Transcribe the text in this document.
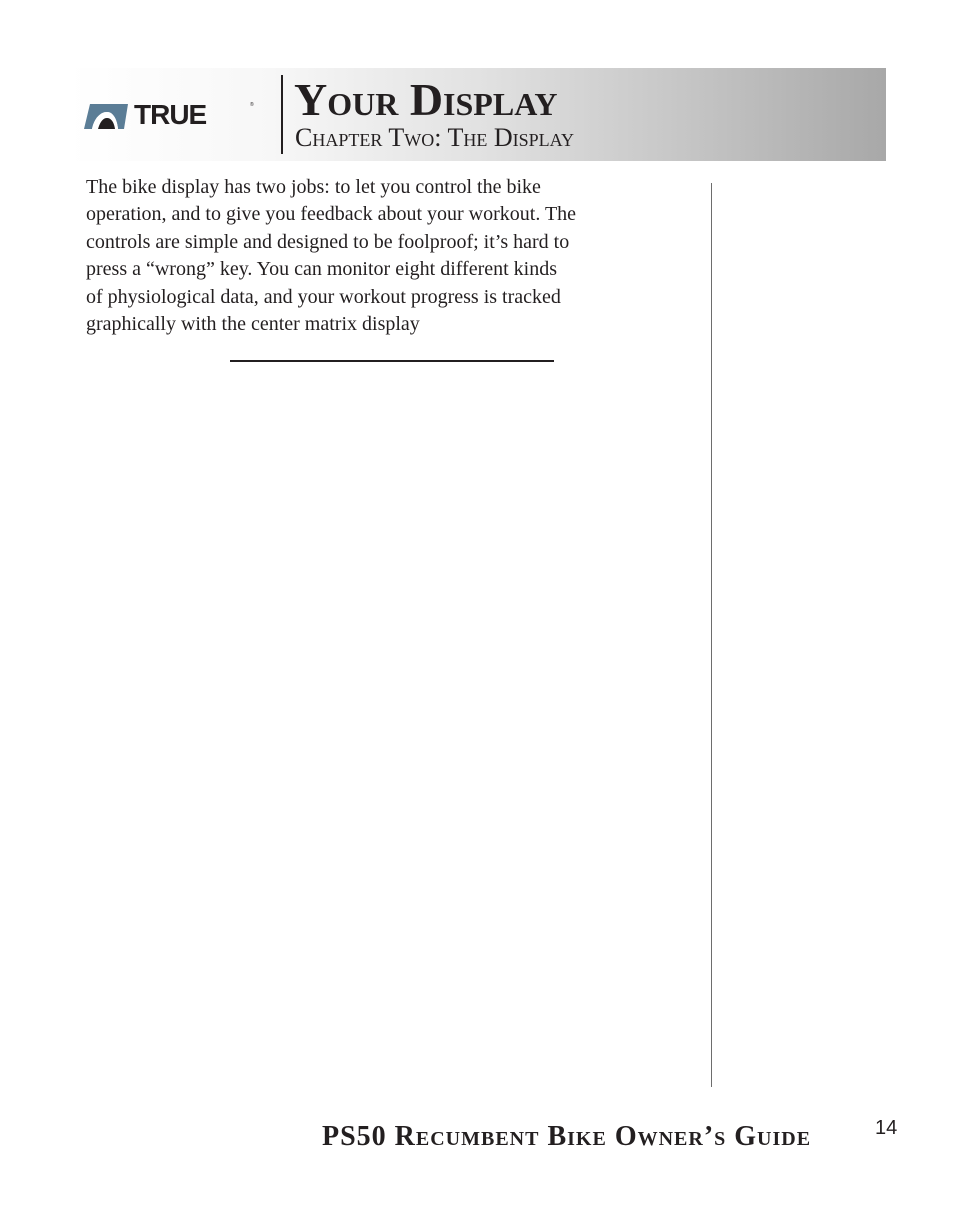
TRUE	® Your Display
Chapter Two: The Display

The bike display has two jobs: to let you control the bike
operation, and to give you feedback about your workout. The
controls are simple and designed to be foolproof; it’s hard to
press a “wrong” key. You can monitor eight different kinds
of physiological data, and your workout progress is tracked
graphically with the center matrix display

PS50 Recumbent Bike Owner’s Guide	14
